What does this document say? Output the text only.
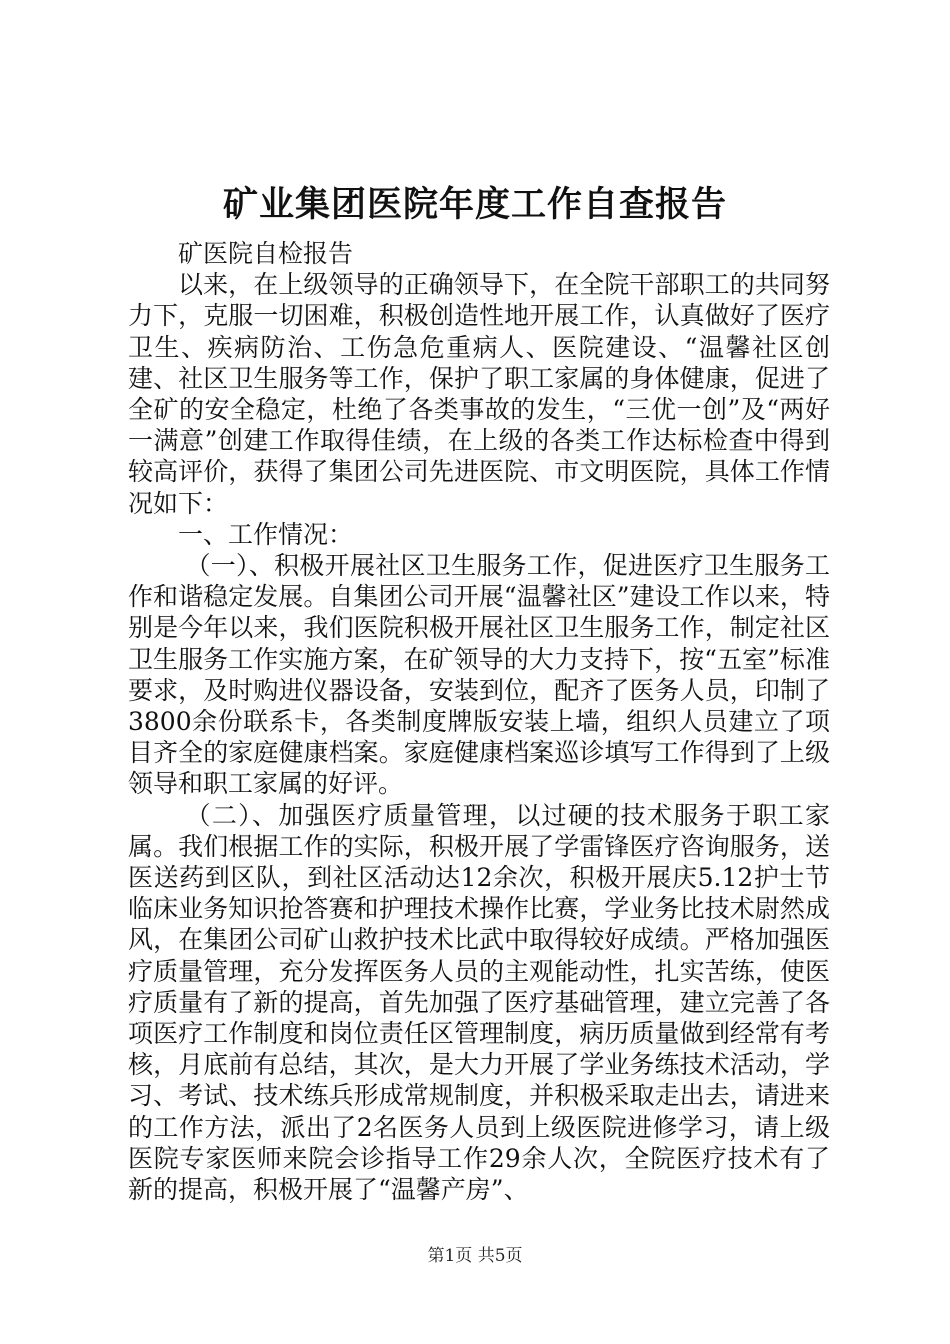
矿业集团医院年度工作自查报告

矿医院自检报告

以来，在上级领导的正确领导下，在全院干部职工的共同努力下，克服一切困难，积极创造性地开展工作，认真做好了医疗卫生、疾病防治、工伤急危重病人、医院建设、“温馨社区创建、社区卫生服务等工作，保护了职工家属的身体健康，促进了全矿的安全稳定，杜绝了各类事故的发生，“三优一创”及“两好一满意”创建工作取得佳绩，在上级的各类工作达标检查中得到较高评价，获得了集团公司先进医院、市文明医院，具体工作情况如下：

一、工作情况：

（一）、积极开展社区卫生服务工作，促进医疗卫生服务工作和谐稳定发展。自集团公司开展“温馨社区”建设工作以来，特别是今年以来，我们医院积极开展社区卫生服务工作，制定社区卫生服务工作实施方案，在矿领导的大力支持下，按“五室”标准要求，及时购进仪器设备，安装到位，配齐了医务人员，印制了3800余份联系卡，各类制度牌版安装上墙，组织人员建立了项目齐全的家庭健康档案。家庭健康档案巡诊填写工作得到了上级领导和职工家属的好评。

（二）、加强医疗质量管理，以过硬的技术服务于职工家属。我们根据工作的实际，积极开展了学雷锋医疗咨询服务，送医送药到区队，到社区活动达12余次，积极开展庆5.12护士节临床业务知识抢答赛和护理技术操作比赛，学业务比技术尉然成风，在集团公司矿山救护技术比武中取得较好成绩。严格加强医疗质量管理，充分发挥医务人员的主观能动性，扎实苦练，使医疗质量有了新的提高，首先加强了医疗基础管理，建立完善了各项医疗工作制度和岗位责任区管理制度，病历质量做到经常有考核，月底前有总结，其次，是大力开展了学业务练技术活动，学习、考试、技术练兵形成常规制度，并积极采取走出去，请进来的工作方法，派出了2名医务人员到上级医院进修学习，请上级医院专家医师来院会诊指导工作29余人次，全院医疗技术有了新的提高，积极开展了“温馨产房”、

第1页 共5页
